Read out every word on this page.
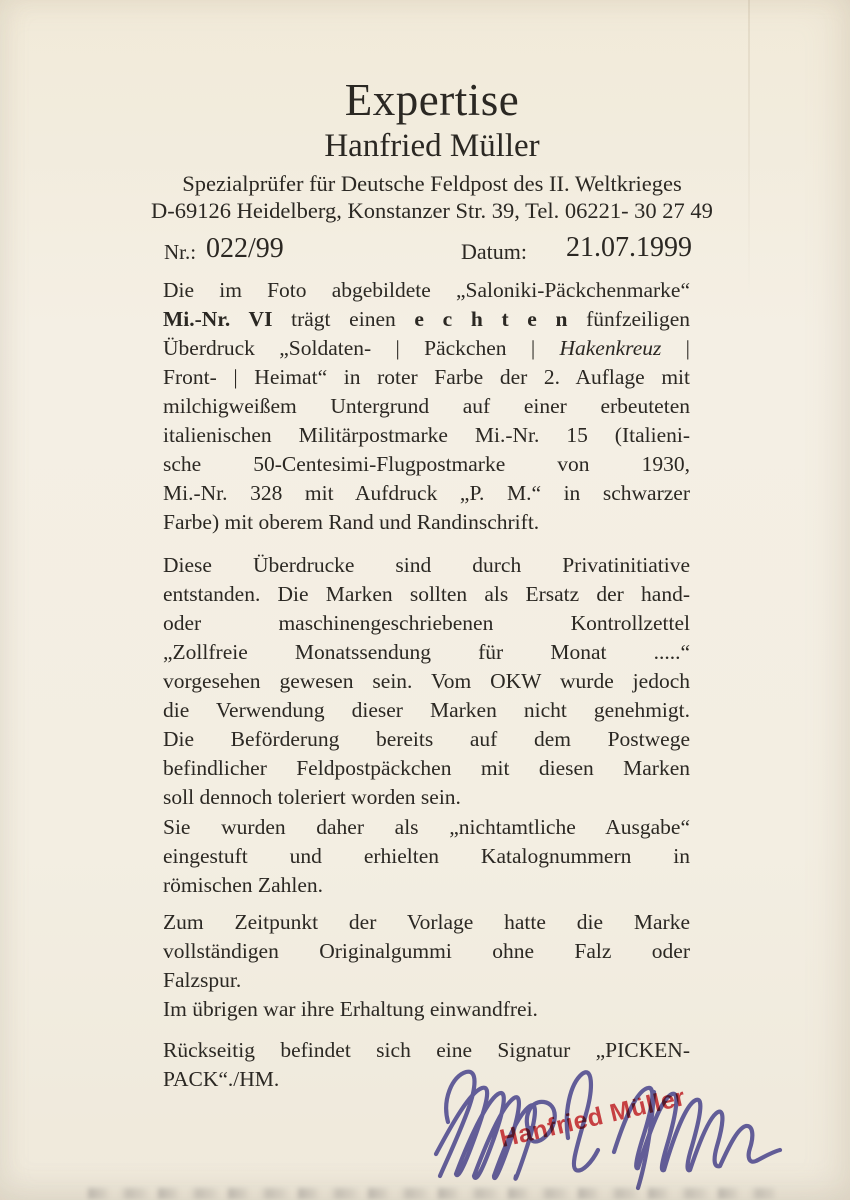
Expertise
Hanfried Müller
Spezialprüfer für Deutsche Feldpost des II. Weltkrieges
D-69126 Heidelberg, Konstanzer Str. 39, Tel. 06221- 30 27 49
Nr.: 022/99	Datum: 21.07.1999
Die im Foto abgebildete „Saloniki-Päckchenmarke“
Mi.-Nr. VI trägt einen e c h t e n fünfzeiligen
Überdruck „Soldaten- | Päckchen | Hakenkreuz |
Front- | Heimat“ in roter Farbe der 2. Auflage mit
milchigweißem Untergrund auf einer erbeuteten
italienischen Militärpostmarke Mi.-Nr. 15 (Italieni-
sche 50-Centesimi-Flugpostmarke von 1930,
Mi.-Nr. 328 mit Aufdruck „P. M.“ in schwarzer
Farbe) mit oberem Rand und Randinschrift.
Diese Überdrucke sind durch Privatinitiative
entstanden. Die Marken sollten als Ersatz der hand-
oder maschinengeschriebenen Kontrollzettel
„Zollfreie Monatssendung für Monat .....“
vorgesehen gewesen sein. Vom OKW wurde jedoch
die Verwendung dieser Marken nicht genehmigt.
Die Beförderung bereits auf dem Postwege
befindlicher Feldpostpäckchen mit diesen Marken
soll dennoch toleriert worden sein.
Sie wurden daher als „nichtamtliche Ausgabe“
eingestuft und erhielten Katalognummern in
römischen Zahlen.
Zum Zeitpunkt der Vorlage hatte die Marke
vollständigen Originalgummi ohne Falz oder
Falzspur.
Im übrigen war ihre Erhaltung einwandfrei.
Rückseitig befindet sich eine Signatur „PICKEN-
PACK“./HM.
Hanfried Müller
